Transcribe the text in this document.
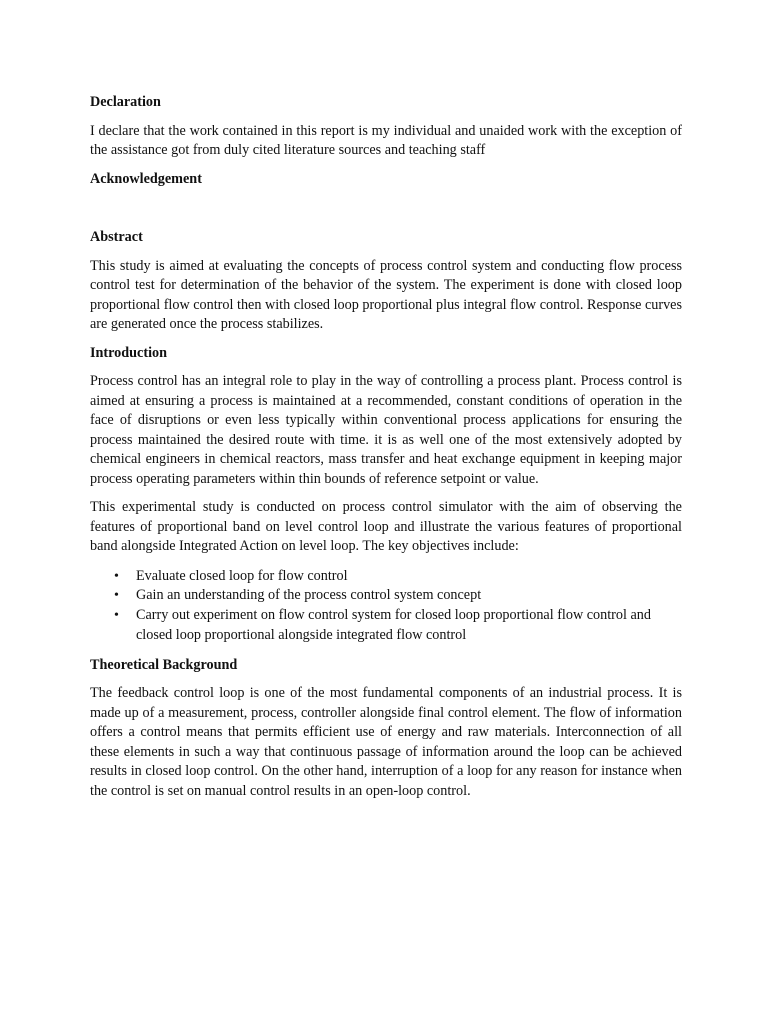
Declaration

I declare that the work contained in this report is my individual and unaided work with the exception of the assistance got from duly cited literature sources and teaching staff

Acknowledgement
Abstract

This study is aimed at evaluating the concepts of process control system and conducting flow process control test for determination of the behavior of the system. The experiment is done with closed loop proportional flow control then with closed loop proportional plus integral flow control. Response curves are generated once the process stabilizes.

Introduction

Process control has an integral role to play in the way of controlling a process plant. Process control is aimed at ensuring a process is maintained at a recommended, constant conditions of operation in the face of disruptions or even less typically within conventional process applications for ensuring the process maintained the desired route with time. it is as well one of the most extensively adopted by chemical engineers in chemical reactors, mass transfer and heat exchange equipment in keeping major process operating parameters within thin bounds of reference setpoint or value.

This experimental study is conducted on process control simulator with the aim of observing the features of proportional band on level control loop and illustrate the various features of proportional band alongside Integrated Action on level loop. The key objectives include:

• Evaluate closed loop for flow control
• Gain an understanding of the process control system concept
• Carry out experiment on flow control system for closed loop proportional flow control and closed loop proportional alongside integrated flow control
Theoretical Background

The feedback control loop is one of the most fundamental components of an industrial process. It is made up of a measurement, process, controller alongside final control element. The flow of information offers a control means that permits efficient use of energy and raw materials. Interconnection of all these elements in such a way that continuous passage of information around the loop can be achieved results in closed loop control. On the other hand, interruption of a loop for any reason for instance when the control is set on manual control results in an open-loop control.
